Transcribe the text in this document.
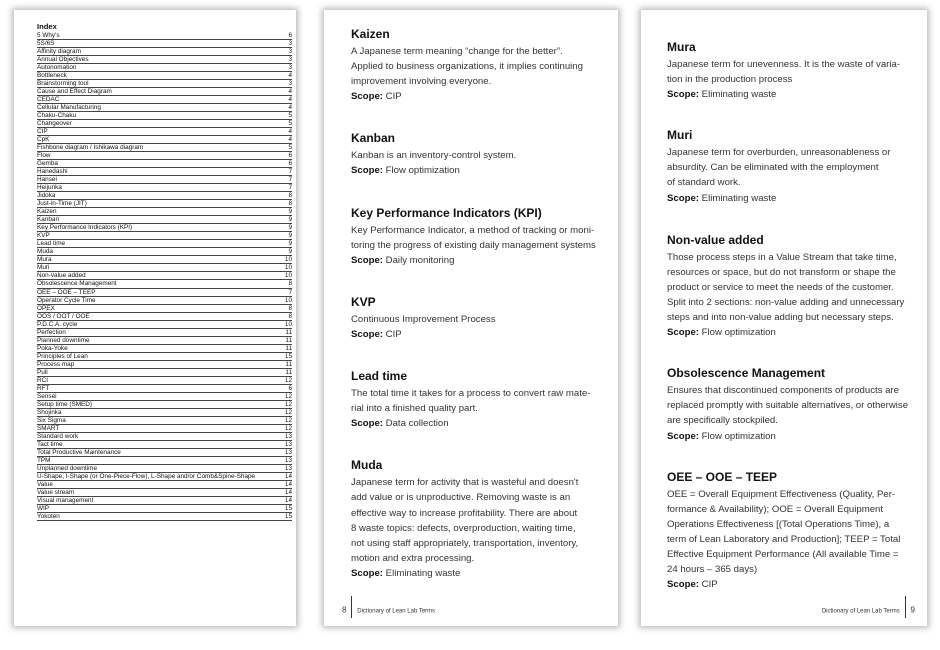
Index
5 Why's	6
5S/6S	3
Affinity diagram	3
Annual Objectives	3
Autonomation	3
Bottleneck	4
Brainstorming tool	3
Cause and Effect Diagram	4
CEDAC	4
Cellular Manufacturing	4
Chaku-Chaku	5
Changeover	5
CIP	4
CpK	4
Fishbone diagram / Ishikawa diagram	5
Flow	6
Gemba	6
Hanedashi	7
Hansei	7
Heijunka	7
Jidoka	8
Just-in-Time (JIT)	8
Kaizen	9
Kanban	9
Key Performance Indicators (KPI)	9
KVP	9
Lead time	9
Muda	9
Mura	10
Muri	10
Non-value added	10
Obsolescence Management	8
OEE – OOE – TEEP	7
Operator Cycle Time	10
OPEX	8
OOS / OOT / OOE	8
P.D.C.A. cycle	10
Perfection	11
Planned downtime	11
Poka-Yoke	11
Principles of Lean	15
Process map	11
Pull	11
RCI	12
RFT	6
Sensei	12
Setup time (SMED)	12
Shojinka	12
Six Sigma	12
SMART	12
Standard work	13
Tact time	13
Total Productive Maintenance	13
TPM	13
Unplanned downtime	13
U-Shape, I-Shape (or One-Piece-Flow), L-Shape and/or Comb&Spine-Shape	14
Value	14
Value stream	14
Visual management	14
WIP	15
Yokoten	15
Kaizen
A Japanese term meaning “change for the better”.
Applied to business organizations, it implies continuing
improvement involving everyone.
Scope: CIP
Kanban
Kanban is an inventory-control system.
Scope: Flow optimization
Key Performance Indicators (KPI)
Key Performance Indicator, a method of tracking or moni-
toring the progress of existing daily management systems
Scope: Daily monitoring
KVP
Continuous Improvement Process
Scope: CIP
Lead time
The total time it takes for a process to convert raw mate-
rial into a finished quality part.
Scope: Data collection
Muda
Japanese term for activity that is wasteful and doesn't
add value or is unproductive. Removing waste is an
effective way to increase profitability. There are about
8 waste topics: defects, overproduction, waiting time,
not using staff appropriately, transportation, inventory,
motion and extra processing.
Scope: Eliminating waste
8 Dictionary of Lean Lab Terms
Mura
Japanese term for unevenness. It is the waste of varia-
tion in the production process
Scope: Eliminating waste
Muri
Japanese term for overburden, unreasonableness or
absurdity. Can be eliminated with the employment
of standard work.
Scope: Eliminating waste
Non-value added
Those process steps in a Value Stream that take time,
resources or space, but do not transform or shape the
product or service to meet the needs of the customer.
Split into 2 sections: non-value adding and unnecessary
steps and into non-value adding but necessary steps.
Scope: Flow optimization
Obsolescence Management
Ensures that discontinued components of products are
replaced promptly with suitable alternatives, or otherwise
are specifically stockpiled.
Scope: Flow optimization
OEE – OOE – TEEP
OEE = Overall Equipment Effectiveness (Quality, Per-
formance & Availability); OOE = Overall Equipment
Operations Effectiveness [(Total Operations Time), a
term of Lean Laboratory and Production]; TEEP = Total
Effective Equipment Performance (All available Time =
24 hours – 365 days)
Scope: CIP
Dictionary of Lean Lab Terms 9
